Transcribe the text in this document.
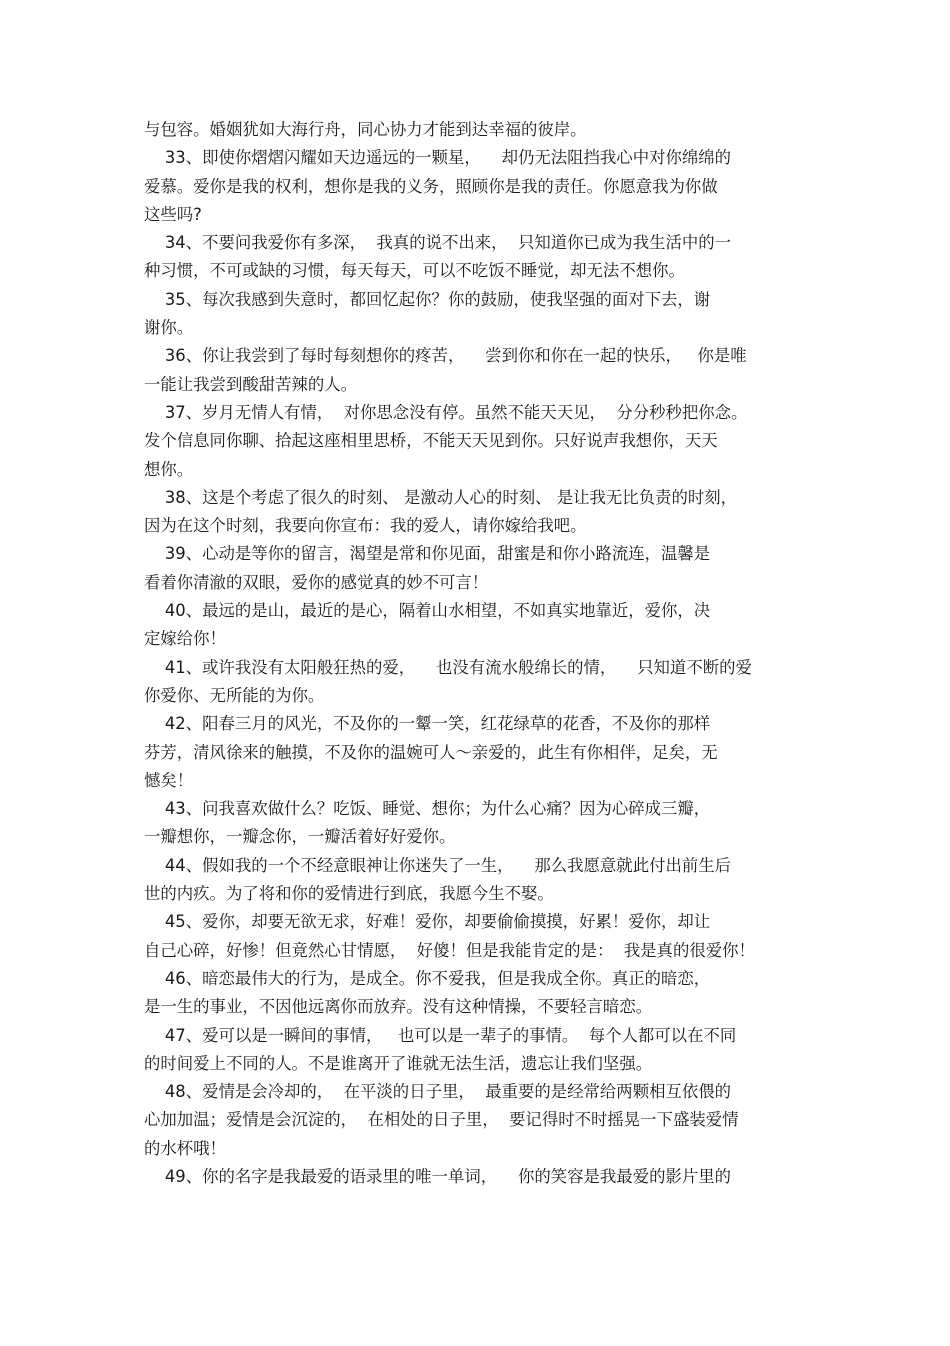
与包容。婚姻犹如大海行舟，同心协力才能到达幸福的彼岸。

33、即使你熠熠闪耀如天边遥远的一颗星，    却仍无法阻挡我心中对你绵绵的

爱慕。爱你是我的权利，想你是我的义务，照顾你是我的责任。你愿意我为你做

这些吗?

34、不要问我爱你有多深，  我真的说不出来，  只知道你已成为我生活中的一

种习惯，不可或缺的习惯，每天每天，可以不吃饭不睡觉，却无法不想你。

35、每次我感到失意时，都回忆起你？你的鼓励，使我坚强的面对下去，谢

谢你。

36、你让我尝到了每时每刻想你的疼苦，    尝到你和你在一起的快乐，   你是唯

一能让我尝到酸甜苦辣的人。

37、岁月无情人有情，  对你思念没有停。虽然不能天天见，  分分秒秒把你念。

发个信息同你聊、拾起这座相里思桥，不能天天见到你。只好说声我想你，天天

想你。

38、这是个考虑了很久的时刻、 是激动人心的时刻、 是让我无比负责的时刻，

因为在这个时刻，我要向你宣布：我的爱人，请你嫁给我吧。

39、心动是等你的留言，渴望是常和你见面，甜蜜是和你小路流连，温馨是

看着你清澈的双眼，爱你的感觉真的妙不可言！

40、最远的是山，最近的是心，隔着山水相望，不如真实地靠近，爱你，决

定嫁给你！

41、或许我没有太阳般狂热的爱，    也没有流水般绵长的情，    只知道不断的爱

你爱你、无所能的为你。

42、阳春三月的风光，不及你的一颦一笑，红花绿草的花香，不及你的那样

芬芳，清风徐来的触摸，不及你的温婉可人～亲爱的，此生有你相伴，足矣，无

憾矣！

43、问我喜欢做什么？吃饭、睡觉、想你；为什么心痛？因为心碎成三瓣，

一瓣想你，一瓣念你，一瓣活着好好爱你。

44、假如我的一个不经意眼神让你迷失了一生，    那么我愿意就此付出前生后

世的内疚。为了将和你的爱情进行到底，我愿今生不娶。

45、爱你，却要无欲无求，好难！爱你，却要偷偷摸摸，好累！爱你，却让

自己心碎，好惨！但竟然心甘情愿，  好傻！但是我能肯定的是：  我是真的很爱你！

46、暗恋最伟大的行为，是成全。你不爱我，但是我成全你。真正的暗恋，

是一生的事业，不因他远离你而放弃。没有这种情操，不要轻言暗恋。

47、爱可以是一瞬间的事情，   也可以是一辈子的事情。  每个人都可以在不同

的时间爱上不同的人。不是谁离开了谁就无法生活，遗忘让我们坚强。

48、爱情是会冷却的，  在平淡的日子里，  最重要的是经常给两颗相互依偎的

心加加温；爱情是会沉淀的，  在相处的日子里，  要记得时不时摇晃一下盛装爱情

的水杯哦！

49、你的名字是我最爱的语录里的唯一单词，    你的笑容是我最爱的影片里的
